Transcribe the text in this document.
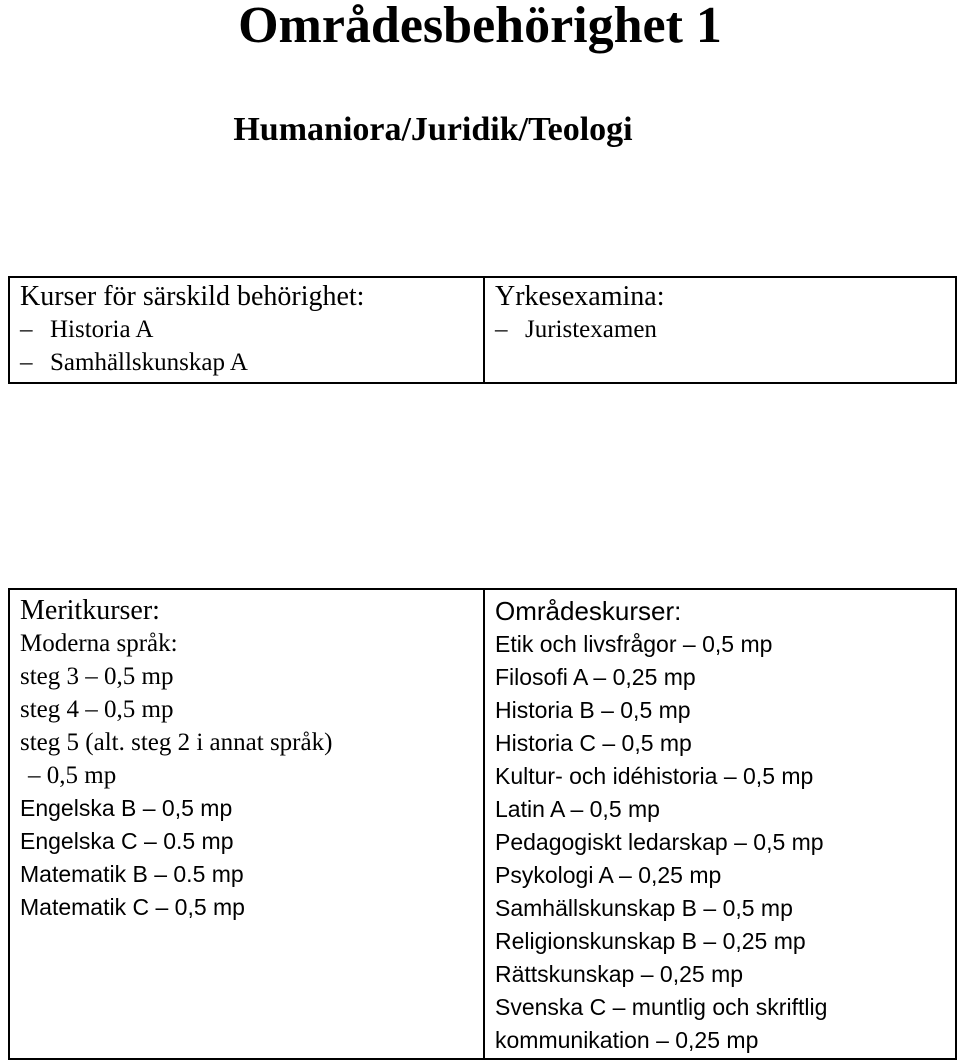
Områdesbehörighet 1
Humaniora/Juridik/Teologi

Kurser för särskild behörighet:

– Historia A

– Samhällskunskap A

Yrkesexamina:

– Juristexamen

Meritkurser:

Moderna språk:

steg 3 – 0,5 mp

steg 4 – 0,5 mp

steg 5 (alt. steg 2 i annat språk)

– 0,5 mp

Engelska B – 0,5 mp

Engelska C – 0.5 mp

Matematik B – 0.5 mp

Matematik C – 0,5 mp

Områdeskurser:

Etik och livsfrågor – 0,5 mp

Filosofi A – 0,25 mp

Historia B – 0,5 mp

Historia C – 0,5 mp

Kultur- och idéhistoria – 0,5 mp

Latin A – 0,5 mp

Pedagogiskt ledarskap – 0,5 mp

Psykologi A – 0,25 mp

Samhällskunskap B – 0,5 mp

Religionskunskap B – 0,25 mp

Rättskunskap – 0,25 mp

Svenska C – muntlig och skriftlig

kommunikation – 0,25 mp
